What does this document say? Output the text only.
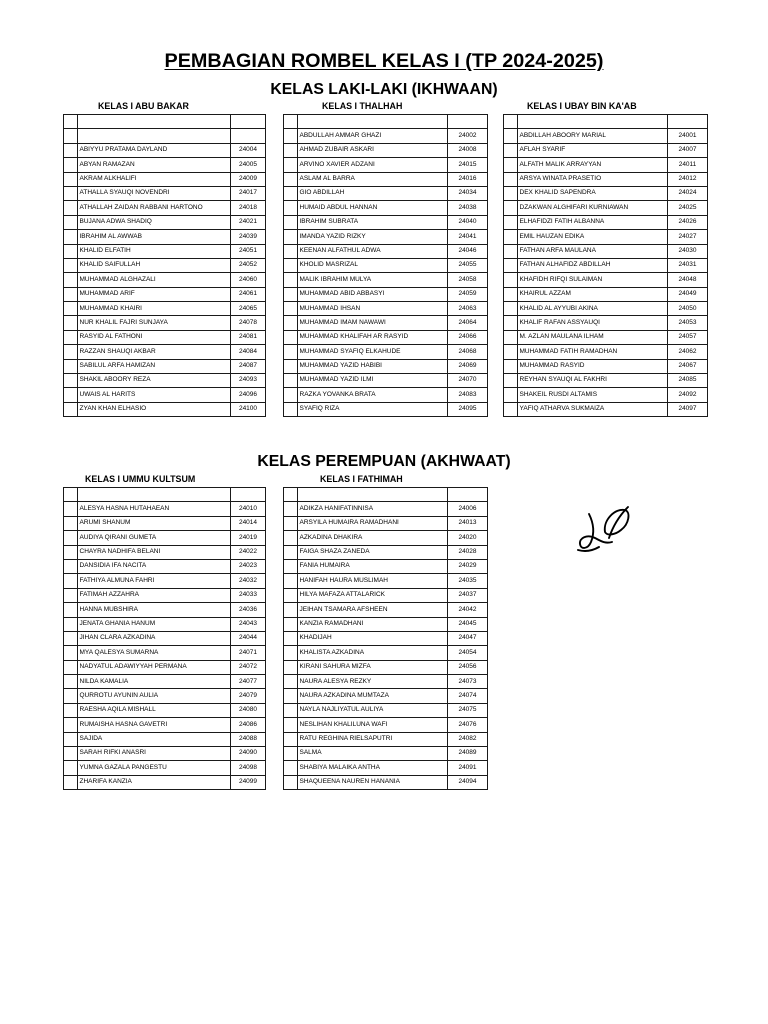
PEMBAGIAN ROMBEL KELAS I (TP 2024-2025)
KELAS LAKI-LAKI (IKHWAAN)
KELAS I ABU BAKAR	KELAS I THALHAH	KELAS I UBAY BIN KA'AB

	ABIYYU PRATAMA DAYLAND	24004
	ABYAN RAMAZAN	24005
	AKRAM ALKHALIFI	24009
	ATHALLA SYAUQI NOVENDRI	24017
	ATHALLAH ZAIDAN RABBANI HARTONO	24018
	BUJANA ADWA SHADIQ	24021
	IBRAHIM AL AWWAB	24039
	KHALID ELFATIH	24051
	KHALID SAIFULLAH	24052
	MUHAMMAD ALGHAZALI	24060
	MUHAMMAD ARIF	24061
	MUHAMMAD KHAIRI	24065
	NUR KHALIL FAJRI SUNJAYA	24078
	RASYID AL FATHONI	24081
	RAZZAN SHAUQI AKBAR	24084
	SABILUL ARFA HAMIZAN	24087
	SHAKIL ABOORY REZA	24093
	UWAIS AL HARITS	24096
	ZYAN KHAN ELHASIO	24100

	ABDULLAH AMMAR GHAZI	24002
	AHMAD ZUBAIR ASKARI	24008
	ARVINO XAVIER ADZANI	24015
	ASLAM AL BARRA	24016
	GIO ABDILLAH	24034
	HUMAID ABDUL HANNAN	24038
	IBRAHIM SUBRATA	24040
	IMANDA YAZID RIZKY	24041
	KEENAN ALFATHUL ADWA	24046
	KHOLID MASRIZAL	24055
	MALIK IBRAHIM MULYA	24058
	MUHAMMAD ABID ABBASYI	24059
	MUHAMMAD IHSAN	24063
	MUHAMMAD IMAM NAWAWI	24064
	MUHAMMAD KHALIFAH AR RASYID	24066
	MUHAMMAD SYAFIQ ELKAHUDE	24068
	MUHAMMAD YAZID HABIBI	24069
	MUHAMMAD YAZID ILMI	24070
	RAZKA YOVANKA BRATA	24083
	SYAFIQ RIZA	24095

	ABDILLAH ABOORY MARIAL	24001
	AFLAH SYARIF	24007
	ALFATH MALIK ARRAYYAN	24011
	ARSYA WINATA PRASETIO	24012
	DEX KHALID SAPENDRA	24024
	DZAKWAN ALGHIFARI KURNIAWAN	24025
	ELHAFIDZI FATIH ALBANNA	24026
	EMIL HAUZAN EDIKA	24027
	FATHAN ARFA MAULANA	24030
	FATHAN ALHAFIDZ ABDILLAH	24031
	KHAFIDH RIFQI SULAIMAN	24048
	KHAIRUL AZZAM	24049
	KHALID AL AYYUBI AKINA	24050
	KHALIF RAFAN ASSYAUQI	24053
	M. AZLAN MAULANA ILHAM	24057
	MUHAMMAD FATIH RAMADHAN	24062
	MUHAMMAD RASYID	24067
	REYHAN SYAUQI AL FAKHRI	24085
	SHAKEIL RUSDI ALTAMIS	24092
	YAFIQ ATHARVA SUKMAIZA	24097
KELAS PEREMPUAN (AKHWAAT)
KELAS I UMMU KULTSUM	KELAS I FATHIMAH

	ALESYA HASNA HUTAHAEAN	24010
	ARUMI SHANUM	24014
	AUDIYA QIRANI GUMETA	24019
	CHAYRA NADHIFA BELANI	24022
	DANSIDIA IFA NACITA	24023
	FATHIYA ALMUNA FAHRI	24032
	FATIMAH AZZAHRA	24033
	HANNA MUBSHIRA	24036
	JENATA GHANIA HANUM	24043
	JIHAN CLARA AZKADINA	24044
	MYA QALESYA SUMARNA	24071
	NADYATUL ADAWIYYAH PERMANA	24072
	NILDA KAMALIA	24077
	QURROTU AYUNIN AULIA	24079
	RAESHA AQILA MISHALL	24080
	RUMAISHA HASNA GAVETRI	24086
	SAJIDA	24088
	SARAH RIFKI ANASRI	24090
	YUMNA GAZALA PANGESTU	24098
	ZHARIFA KANZIA	24099

	ADIKZA HANIFATINNISA	24006
	ARSYILA HUMAIRA RAMADHANI	24013
	AZKADINA DHAKIRA	24020
	FAIGA SHAZA ZANEDA	24028
	FANIA HUMAIRA	24029
	HANIFAH HAURA MUSLIMAH	24035
	HILYA MAFAZA ATTALARICK	24037
	JEIHAN TSAMARA AFSHEEN	24042
	KANZIA RAMADHANI	24045
	KHADIJAH	24047
	KHALISTA AZKADINA	24054
	KIRANI SAHURA MIZFA	24056
	NAURA ALESYA REZKY	24073
	NAURA AZKADINA MUMTAZA	24074
	NAYLA NAJLIYATUL AULIYA	24075
	NESLIHAN KHALILUNA WAFI	24076
	RATU REGHINA RIELSAPUTRI	24082
	SALMA	24089
	SHABIYA MALAIKA ANTHA	24091
	SHAQUEENA NAUREN HANANIA	24094
